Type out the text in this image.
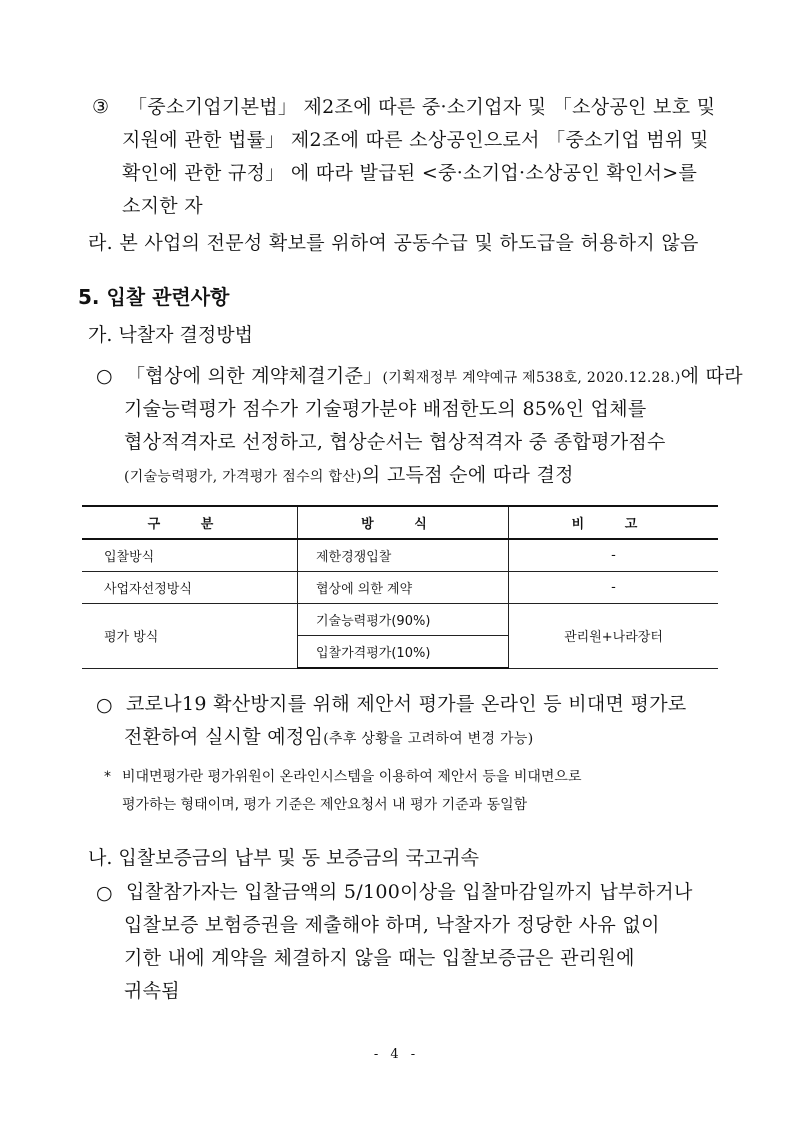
③ 「중소기업기본법」 제2조에 따른 중·소기업자 및 「소상공인 보호 및
지원에 관한 법률」 제2조에 따른 소상공인으로서 「중소기업 범위 및
확인에 관한 규정」 에 따라 발급된 <중·소기업·소상공인 확인서>를
소지한 자
라. 본 사업의 전문성 확보를 위하여 공동수급 및 하도급을 허용하지 않음
5. 입찰 관련사항
가. 낙찰자 결정방법
○ 「협상에 의한 계약체결기준」(기획재정부 계약예규 제538호, 2020.12.28.)에 따라
기술능력평가 점수가 기술평가분야 배점한도의 85%인 업체를
협상적격자로 선정하고, 협상순서는 협상적격자 중 종합평가점수
(기술능력평가, 가격평가 점수의 합산)의 고득점 순에 따라 결정
구 분	방 식	비 고
입찰방식	제한경쟁입찰	-
사업자선정방식	협상에 의한 계약	-
평가 방식	기술능력평가(90%)	관리원+나라장터
	입찰가격평가(10%)	
○ 코로나19 확산방지를 위해 제안서 평가를 온라인 등 비대면 평가로
전환하여 실시할 예정임(추후 상황을 고려하여 변경 가능)
* 비대면평가란 평가위원이 온라인시스템을 이용하여 제안서 등을 비대면으로
평가하는 형태이며, 평가 기준은 제안요청서 내 평가 기준과 동일함
나. 입찰보증금의 납부 및 동 보증금의 국고귀속
○ 입찰참가자는 입찰금액의 5/100이상을 입찰마감일까지 납부하거나
입찰보증 보험증권을 제출해야 하며, 낙찰자가 정당한 사유 없이
기한 내에 계약을 체결하지 않을 때는 입찰보증금은 관리원에
귀속됨
- 4 -
